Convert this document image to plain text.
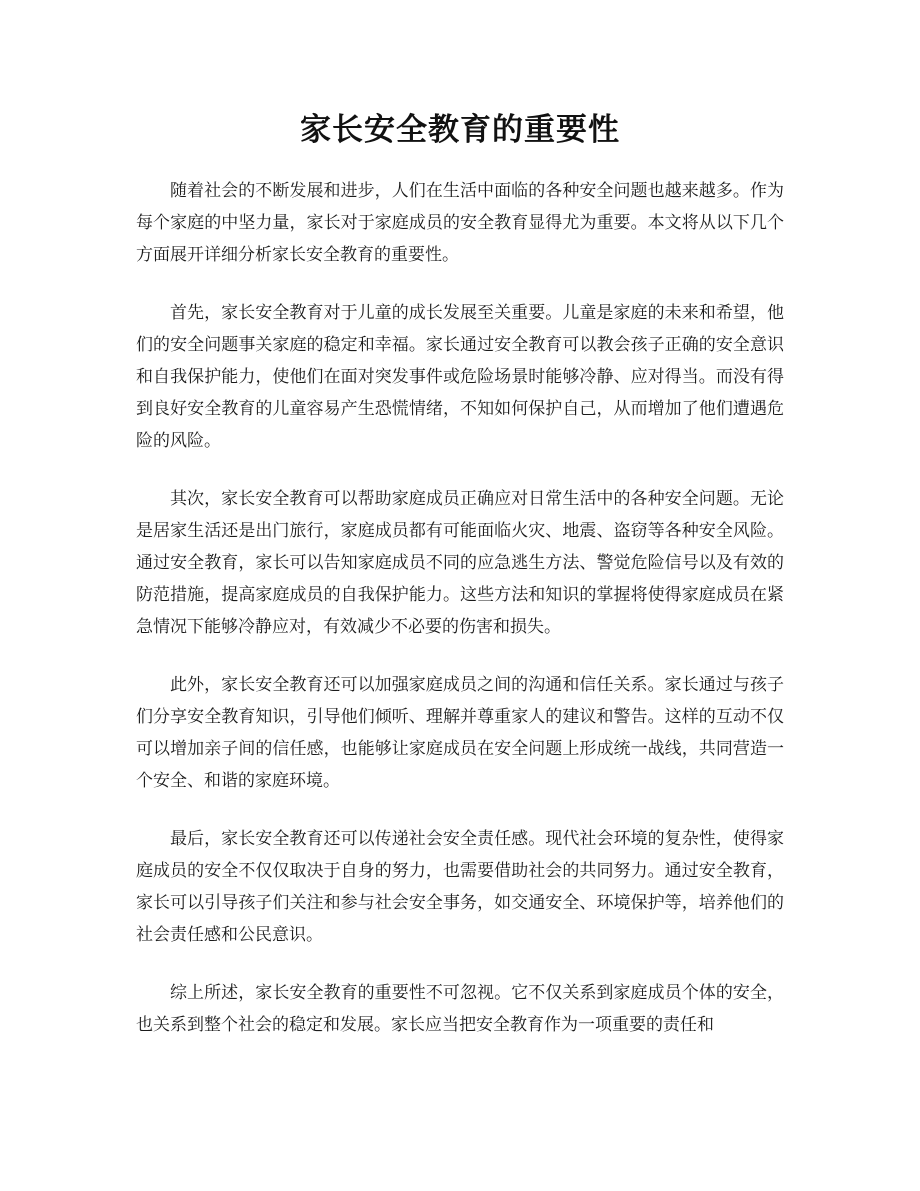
家长安全教育的重要性

随着社会的不断发展和进步，人们在生活中面临的各种安全问题也越来越多。作为每个家庭的中坚力量，家长对于家庭成员的安全教育显得尤为重要。本文将从以下几个方面展开详细分析家长安全教育的重要性。

首先，家长安全教育对于儿童的成长发展至关重要。儿童是家庭的未来和希望，他们的安全问题事关家庭的稳定和幸福。家长通过安全教育可以教会孩子正确的安全意识和自我保护能力，使他们在面对突发事件或危险场景时能够冷静、应对得当。而没有得到良好安全教育的儿童容易产生恐慌情绪，不知如何保护自己，从而增加了他们遭遇危险的风险。

其次，家长安全教育可以帮助家庭成员正确应对日常生活中的各种安全问题。无论是居家生活还是出门旅行，家庭成员都有可能面临火灾、地震、盗窃等各种安全风险。通过安全教育，家长可以告知家庭成员不同的应急逃生方法、警觉危险信号以及有效的防范措施，提高家庭成员的自我保护能力。这些方法和知识的掌握将使得家庭成员在紧急情况下能够冷静应对，有效减少不必要的伤害和损失。

此外，家长安全教育还可以加强家庭成员之间的沟通和信任关系。家长通过与孩子们分享安全教育知识，引导他们倾听、理解并尊重家人的建议和警告。这样的互动不仅可以增加亲子间的信任感，也能够让家庭成员在安全问题上形成统一战线，共同营造一个安全、和谐的家庭环境。

最后，家长安全教育还可以传递社会安全责任感。现代社会环境的复杂性，使得家庭成员的安全不仅仅取决于自身的努力，也需要借助社会的共同努力。通过安全教育，家长可以引导孩子们关注和参与社会安全事务，如交通安全、环境保护等，培养他们的社会责任感和公民意识。

综上所述，家长安全教育的重要性不可忽视。它不仅关系到家庭成员个体的安全，也关系到整个社会的稳定和发展。家长应当把安全教育作为一项重要的责任和
